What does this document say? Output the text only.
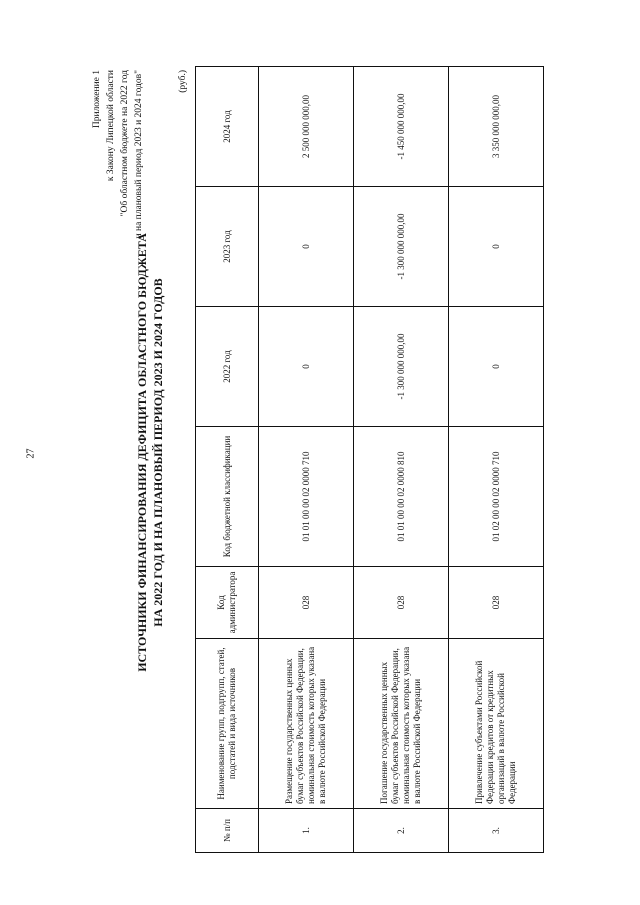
27
Приложение 1 к Закону Липецкой области "Об областном бюджете на 2022 год и на плановый период 2023 и 2024 годов"
ИСТОЧНИКИ ФИНАНСИРОВАНИЯ ДЕФИЦИТА ОБЛАСТНОГО БЮДЖЕТА НА 2022 ГОД И НА ПЛАНОВЫЙ ПЕРИОД 2023 И 2024 ГОДОВ
(руб.)
№ п/п	Наименование групп, подгрупп, статей, подстатей и вида источников	Код администратора	Код бюджетной классификации	2022 год	2023 год	2024 год
1.	Размещение государственных ценных бумаг субъектов Российской Федерации, номинальная стоимость которых указана в валюте Российской Федерации	028	01 01 00 00 02 0000 710	0	0	2 500 000 000,00
2.	Погашение государственных ценных бумаг субъектов Российской Федерации, номинальная стоимость которых указана в валюте Российской Федерации	028	01 01 00 00 02 0000 810	-1 300 000 000,00	-1 300 000 000,00	-1 450 000 000,00
3.	Привлечение субъектами Российской Федерации кредитов от кредитных организаций в валюте Российской Федерации	028	01 02 00 00 02 0000 710	0	0	3 350 000 000,00
